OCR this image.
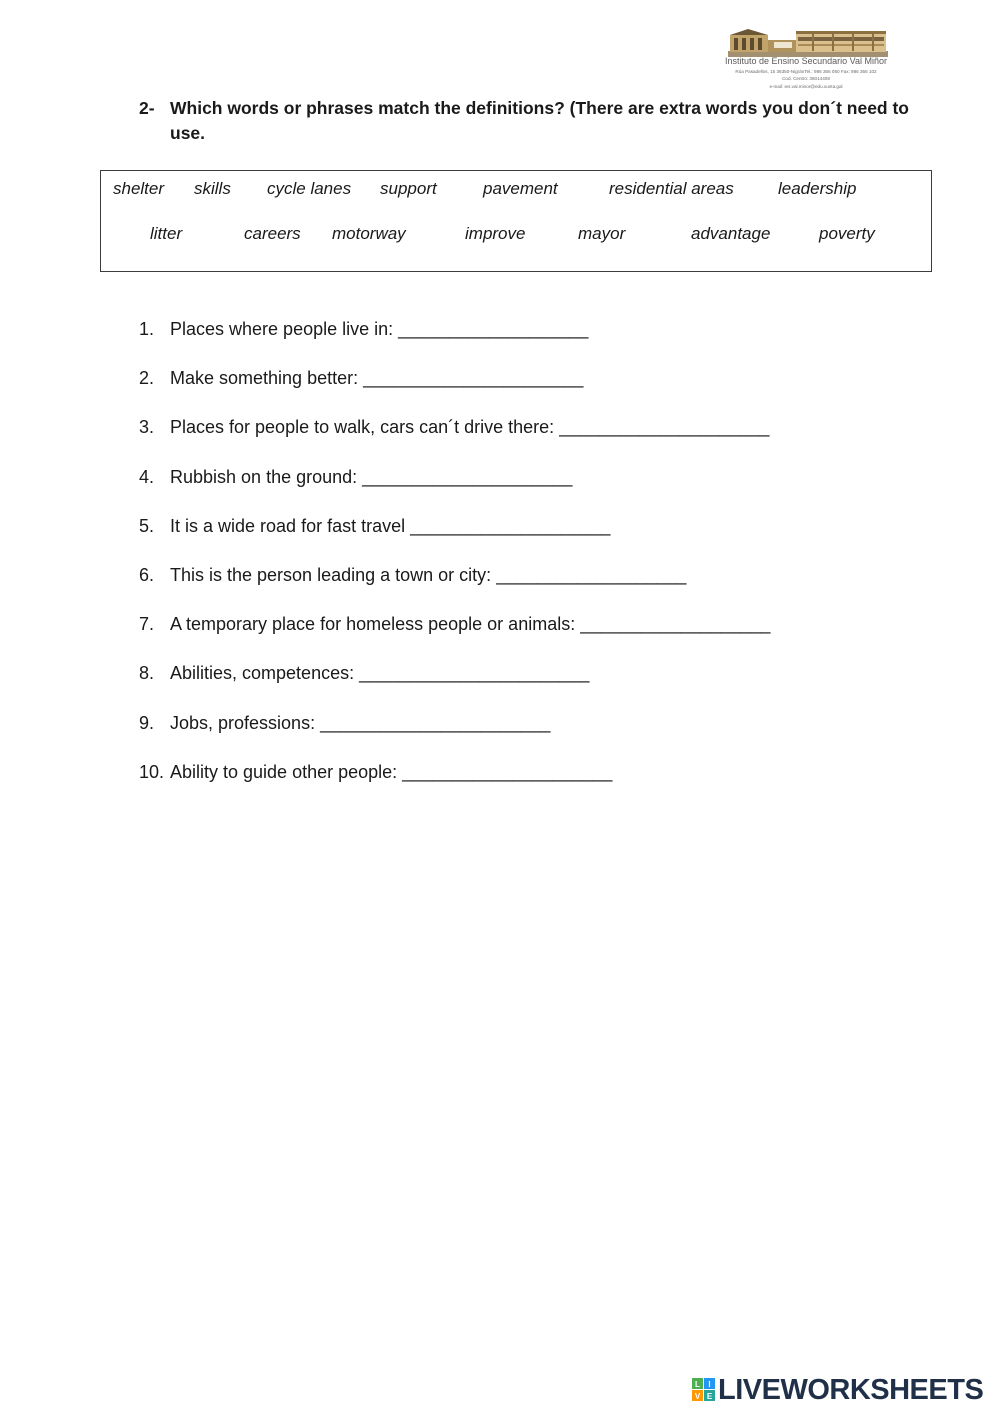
Instituto de Ensino Secundario Val Miñor
Rúa Pasadellos, 15 36350-NigránTel.: 986 366 050 Fax: 986 366 102
Cod. Centro: 36014408
e-mail: ies.val.minor@edu.xunta.gal
2- Which words or phrases match the definitions? (There are extra words you don´t need to
use.
shelter skills cycle lanes support	pavement	residential areas	leadership
litter	careers motorway	improve	mayor	advantage	poverty
1. Places where people live in: ___________________
2. Make something better: ______________________
3. Places for people to walk, cars can´t drive there: _____________________
4. Rubbish on the ground: _____________________
5. It is a wide road for fast travel ____________________
6. This is the person leading a town or city: ___________________
7. A temporary place for homeless people or animals: ___________________
8. Abilities, competences: _______________________
9. Jobs, professions: _______________________
10. Ability to guide other people: _____________________
L I
V E LIVEWORKSHEETS
